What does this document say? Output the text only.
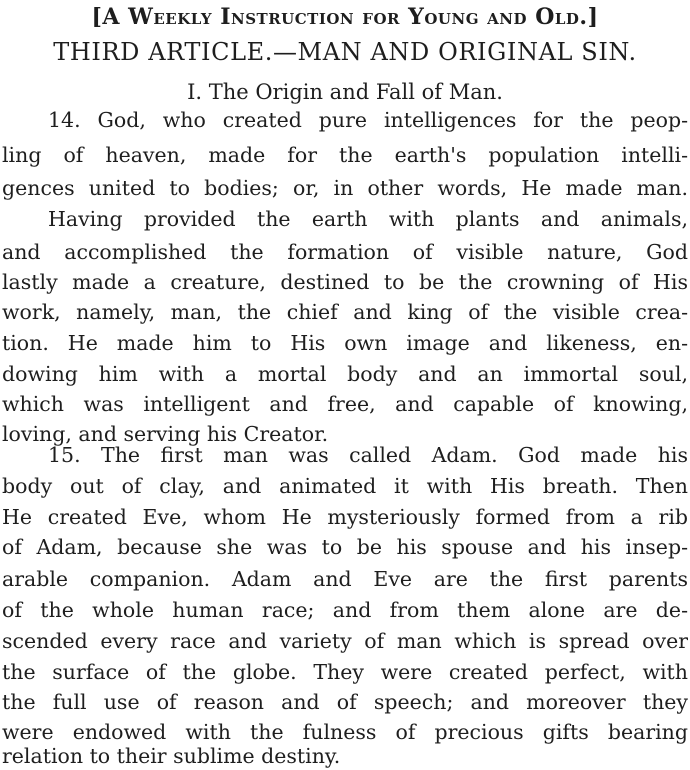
[A Weekly Instruction for Young and Old.]
THIRD ARTICLE.—MAN AND ORIGINAL SIN.
I. The Origin and Fall of Man.
14. God, who created pure intelligences for the peop-
ling of heaven, made for the earth's population intelli-
gences united to bodies; or, in other words, He made man.
Having provided the earth with plants and animals,
and accomplished the formation of visible nature, God
lastly made a creature, destined to be the crowning of His
work, namely, man, the chief and king of the visible crea-
tion. He made him to His own image and likeness, en-
dowing him with a mortal body and an immortal soul,
which was intelligent and free, and capable of knowing,
loving, and serving his Creator.
15. The first man was called Adam. God made his
body out of clay, and animated it with His breath. Then
He created Eve, whom He mysteriously formed from a rib
of Adam, because she was to be his spouse and his insep-
arable companion. Adam and Eve are the first parents
of the whole human race; and from them alone are de-
scended every race and variety of man which is spread over
the surface of the globe. They were created perfect, with
the full use of reason and of speech; and moreover they
were endowed with the fulness of precious gifts bearing
relation to their sublime destiny.
